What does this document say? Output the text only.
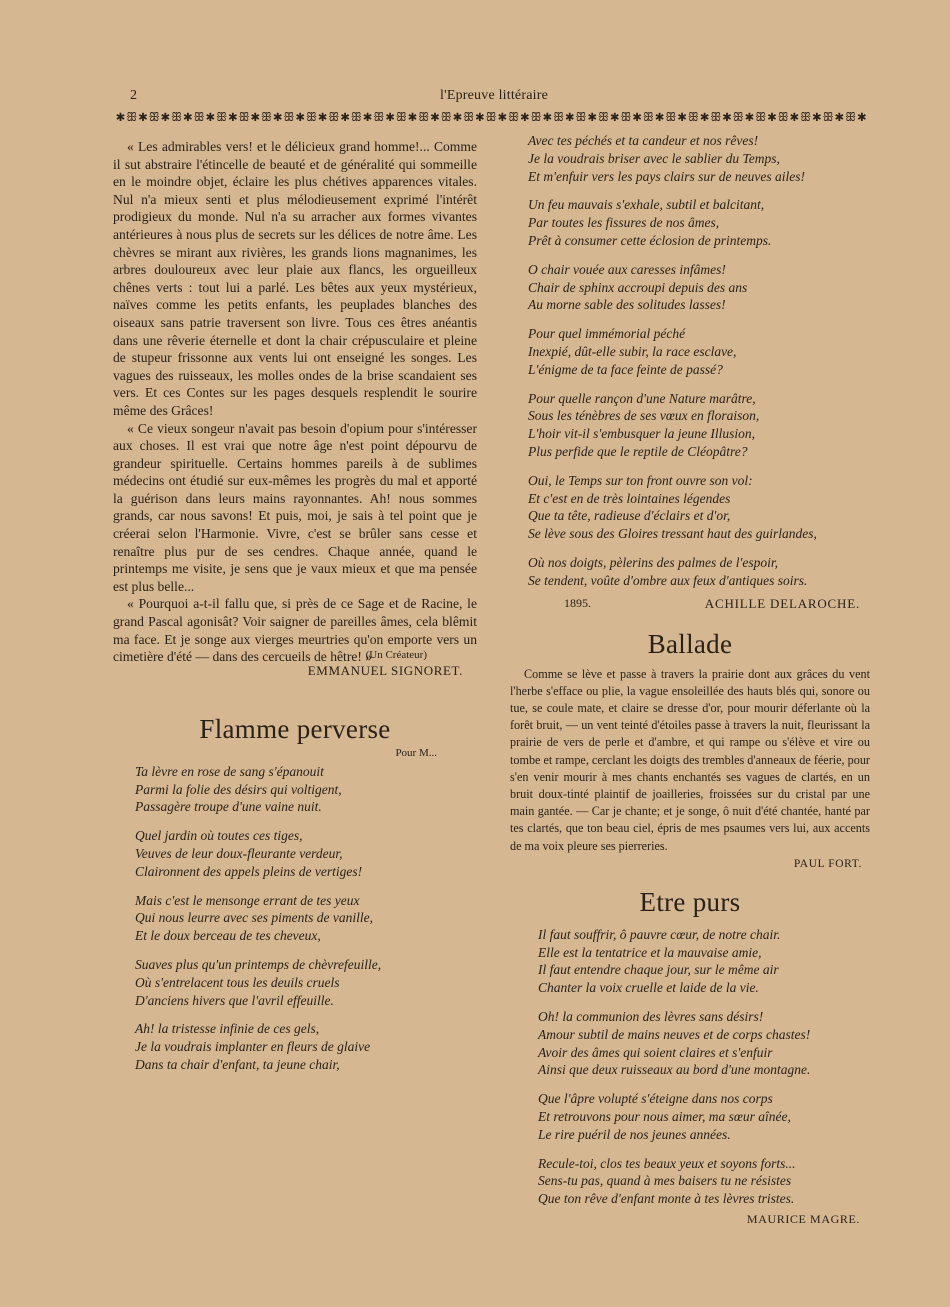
2	l'Epreuve littéraire
✱ꕥ✱ꕥ✱ꕥ✱ꕥ✱ꕥ✱ꕥ✱ꕥ✱ꕥ✱ꕥ✱ꕥ✱ꕥ✱ꕥ✱ꕥ✱ꕥ✱ꕥ✱ꕥ✱ꕥ✱ꕥ✱ꕥ✱ꕥ✱ꕥ✱ꕥ✱ꕥ✱ꕥ✱ꕥ✱ꕥ✱ꕥ✱ꕥ✱ꕥ✱ꕥ✱ꕥ✱ꕥ✱ꕥ✱

« Les admirables vers! et le délicieux grand homme!... Comme il sut abstraire l'étincelle de beauté et de généralité qui sommeille en le moindre objet, éclaire les plus chétives apparences vitales. Nul n'a mieux senti et plus mélodieusement exprimé l'intérêt prodigieux du monde. Nul n'a su arracher aux formes vivantes antérieures à nous plus de secrets sur les délices de notre âme. Les chèvres se mirant aux rivières, les grands lions magnanimes, les arbres douloureux avec leur plaie aux flancs, les orgueilleux chênes verts : tout lui a parlé. Les bêtes aux yeux mystérieux, naïves comme les petits enfants, les peuplades blanches des oiseaux sans patrie traversent son livre. Tous ces êtres anéantis dans une rêverie éternelle et dont la chair crépusculaire et pleine de stupeur frissonne aux vents lui ont enseigné les songes. Les vagues des ruisseaux, les molles ondes de la brise scandaient ses vers. Et ces Contes sur les pages desquels resplendit le sourire même des Grâces!

« Ce vieux songeur n'avait pas besoin d'opium pour s'intéresser aux choses. Il est vrai que notre âge n'est point dépourvu de grandeur spirituelle. Certains hommes pareils à de sublimes médecins ont étudié sur eux-mêmes les progrès du mal et apporté la guérison dans leurs mains rayonnantes. Ah! nous sommes grands, car nous savons! Et puis, moi, je sais à tel point que je créerai selon l'Harmonie. Vivre, c'est se brûler sans cesse et renaître plus pur de ses cendres. Chaque année, quand le printemps me visite, je sens que je vaux mieux et que ma pensée est plus belle...

« Pourquoi a-t-il fallu que, si près de ce Sage et de Racine, le grand Pascal agonisât? Voir saigner de pareilles âmes, cela blêmit ma face. Et je songe aux vierges meurtries qu'on emporte vers un cimetière d'été — dans des cercueils de hêtre! »

(Un Créateur)
EMMANUEL SIGNORET.
Flamme perverse
Pour M...
Ta lèvre en rose de sang s'épanouit
Parmi la folie des désirs qui voltigent,
Passagère troupe d'une vaine nuit.
Quel jardin où toutes ces tiges,
Veuves de leur doux-fleurante verdeur,
Claironnent des appels pleins de vertiges!
Mais c'est le mensonge errant de tes yeux
Qui nous leurre avec ses piments de vanille,
Et le doux berceau de tes cheveux,
Suaves plus qu'un printemps de chèvrefeuille,
Où s'entrelacent tous les deuils cruels
D'anciens hivers que l'avril effeuille.
Ah! la tristesse infinie de ces gels,
Je la voudrais implanter en fleurs de glaive
Dans ta chair d'enfant, ta jeune chair,
Avec tes péchés et ta candeur et nos rêves!
Je la voudrais briser avec le sablier du Temps,
Et m'enfuir vers les pays clairs sur de neuves ailes!
Un feu mauvais s'exhale, subtil et balcitant,
Par toutes les fissures de nos âmes,
Prêt à consumer cette éclosion de printemps.
O chair vouée aux caresses infâmes!
Chair de sphinx accroupi depuis des ans
Au morne sable des solitudes lasses!
Pour quel immémorial péché
Inexpié, dût-elle subir, la race esclave,
L'énigme de ta face feinte de passé?
Pour quelle rançon d'une Nature marâtre,
Sous les ténèbres de ses vœux en floraison,
L'hoir vit-il s'embusquer la jeune Illusion,
Plus perfide que le reptile de Cléopâtre?
Oui, le Temps sur ton front ouvre son vol:
Et c'est en de très lointaines légendes
Que ta tête, radieuse d'éclairs et d'or,
Se lève sous des Gloires tressant haut des guirlandes,
Où nos doigts, pèlerins des palmes de l'espoir,
Se tendent, voûte d'ombre aux feux d'antiques soirs.
1895.	ACHILLE DELAROCHE.
Ballade

Comme se lève et passe à travers la prairie dont aux grâces du vent l'herbe s'efface ou plie, la vague ensoleillée des hauts blés qui, sonore ou tue, se coule mate, et claire se dresse d'or, pour mourir déferlante où la forêt bruit, — un vent teinté d'étoiles passe à travers la nuit, fleurissant la prairie de vers de perle et d'ambre, et qui rampe ou s'élève et vire ou tombe et rampe, cerclant les doigts des trembles d'anneaux de féerie, pour s'en venir mourir à mes chants enchantés ses vagues de clartés, en un bruit doux-tinté plaintif de joailleries, froissées sur du cristal par une main gantée. — Car je chante; et je songe, ô nuit d'été chantée, hanté par tes clartés, que ton beau ciel, épris de mes psaumes vers lui, aux accents de ma voix pleure ses pierreries.

PAUL FORT.
Etre purs
Il faut souffrir, ô pauvre cœur, de notre chair.
Elle est la tentatrice et la mauvaise amie,
Il faut entendre chaque jour, sur le même air
Chanter la voix cruelle et laide de la vie.
Oh! la communion des lèvres sans désirs!
Amour subtil de mains neuves et de corps chastes!
Avoir des âmes qui soient claires et s'enfuir
Ainsi que deux ruisseaux au bord d'une montagne.
Que l'âpre volupté s'éteigne dans nos corps
Et retrouvons pour nous aimer, ma sœur aînée,
Le rire puéril de nos jeunes années.
Recule-toi, clos tes beaux yeux et soyons forts...
Sens-tu pas, quand à mes baisers tu ne résistes
Que ton rêve d'enfant monte à tes lèvres tristes.
MAURICE MAGRE.
